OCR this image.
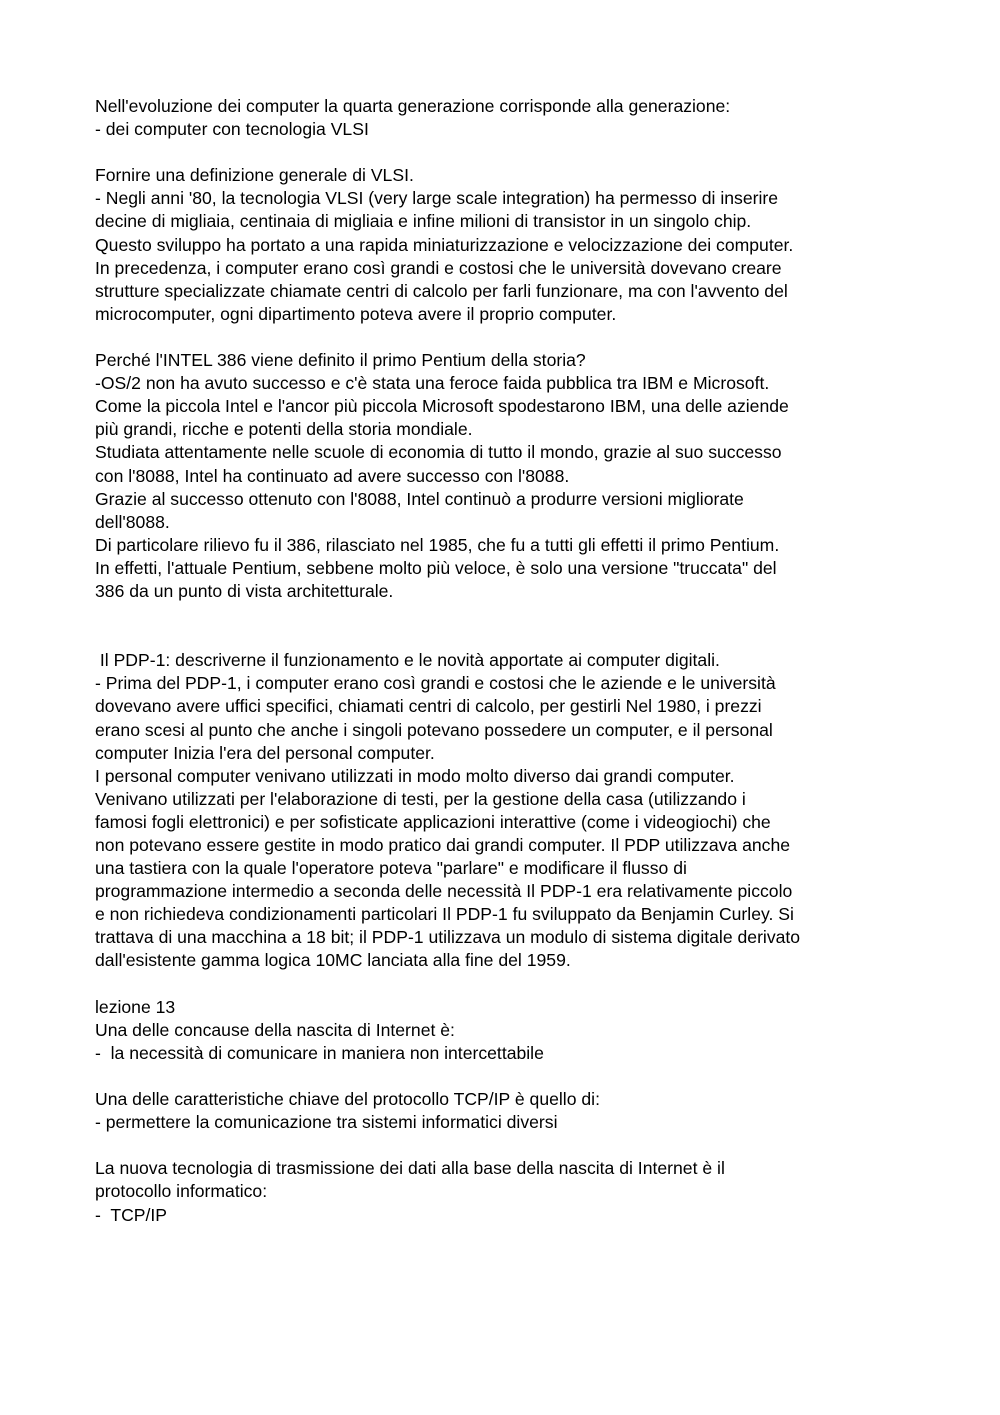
Nell'evoluzione dei computer la quarta generazione corrisponde alla generazione:
- dei computer con tecnologia VLSI
Fornire una definizione generale di VLSI.
- Negli anni '80, la tecnologia VLSI (very large scale integration) ha permesso di inserire
decine di migliaia, centinaia di migliaia e infine milioni di transistor in un singolo chip.
Questo sviluppo ha portato a una rapida miniaturizzazione e velocizzazione dei computer.
In precedenza, i computer erano così grandi e costosi che le università dovevano creare
strutture specializzate chiamate centri di calcolo per farli funzionare, ma con l'avvento del
microcomputer, ogni dipartimento poteva avere il proprio computer.
Perché l'INTEL 386 viene definito il primo Pentium della storia?
-OS/2 non ha avuto successo e c'è stata una feroce faida pubblica tra IBM e Microsoft.
Come la piccola Intel e l'ancor più piccola Microsoft spodestarono IBM, una delle aziende
più grandi, ricche e potenti della storia mondiale.
Studiata attentamente nelle scuole di economia di tutto il mondo, grazie al suo successo
con l'8088, Intel ha continuato ad avere successo con l'8088.
Grazie al successo ottenuto con l'8088, Intel continuò a produrre versioni migliorate
dell'8088.
Di particolare rilievo fu il 386, rilasciato nel 1985, che fu a tutti gli effetti il primo Pentium.
In effetti, l'attuale Pentium, sebbene molto più veloce, è solo una versione "truccata" del
386 da un punto di vista architetturale.
Il PDP-1: descriverne il funzionamento e le novità apportate ai computer digitali.
- Prima del PDP-1, i computer erano così grandi e costosi che le aziende e le università
dovevano avere uffici specifici, chiamati centri di calcolo, per gestirli Nel 1980, i prezzi
erano scesi al punto che anche i singoli potevano possedere un computer, e il personal
computer Inizia l'era del personal computer.
I personal computer venivano utilizzati in modo molto diverso dai grandi computer.
Venivano utilizzati per l'elaborazione di testi, per la gestione della casa (utilizzando i
famosi fogli elettronici) e per sofisticate applicazioni interattive (come i videogiochi) che
non potevano essere gestite in modo pratico dai grandi computer. Il PDP utilizzava anche
una tastiera con la quale l'operatore poteva "parlare" e modificare il flusso di
programmazione intermedio a seconda delle necessità Il PDP-1 era relativamente piccolo
e non richiedeva condizionamenti particolari Il PDP-1 fu sviluppato da Benjamin Curley. Si
trattava di una macchina a 18 bit; il PDP-1 utilizzava un modulo di sistema digitale derivato
dall'esistente gamma logica 10MC lanciata alla fine del 1959.
lezione 13
Una delle concause della nascita di Internet è:
-  la necessità di comunicare in maniera non intercettabile
Una delle caratteristiche chiave del protocollo TCP/IP è quello di:
- permettere la comunicazione tra sistemi informatici diversi
La nuova tecnologia di trasmissione dei dati alla base della nascita di Internet è il
protocollo informatico:
-  TCP/IP
